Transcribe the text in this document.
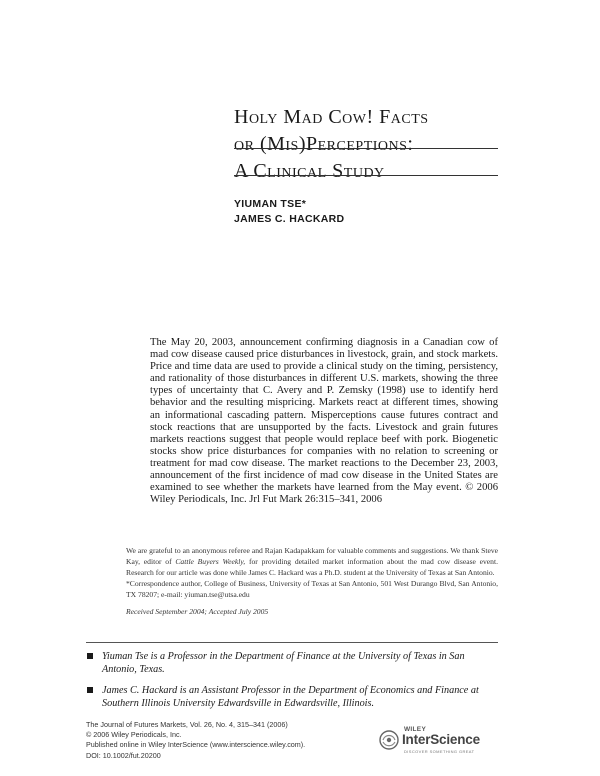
Holy Mad Cow! Facts
or (Mis)Perceptions:
A Clinical Study
YIUMAN TSE*
JAMES C. HACKARD
The May 20, 2003, announcement confirming diagnosis in a Canadian cow of mad cow disease caused price disturbances in livestock, grain, and stock markets. Price and time data are used to provide a clinical study on the timing, persistency, and rationality of those disturbances in different U.S. markets, showing the three types of uncertainty that C. Avery and P. Zemsky (1998) use to identify herd behavior and the resulting mispricing. Markets react at different times, showing an informational cascading pattern. Misperceptions cause futures contract and stock reactions that are unsupported by the facts. Livestock and grain futures markets reactions suggest that people would replace beef with pork. Biogenetic stocks show price disturbances for companies with no relation to screening or treatment for mad cow disease. The market reactions to the December 23, 2003, announcement of the first incidence of mad cow disease in the United States are examined to see whether the markets have learned from the May event. © 2006 Wiley Periodicals, Inc. Jrl Fut Mark 26:315–341, 2006

We are grateful to an anonymous referee and Rajan Kadapakkam for valuable comments and suggestions. We thank Steve Kay, editor of Cattle Buyers Weekly, for providing detailed market information about the mad cow disease event. Research for our article was done while James C. Hackard was a Ph.D. student at the University of Texas at San Antonio.

*Correspondence author, College of Business, University of Texas at San Antonio, 501 West Durango Blvd, San Antonio, TX 78207; e-mail: yiuman.tse@utsa.edu

Received September 2004; Accepted July 2005

Yiuman Tse is a Professor in the Department of Finance at the University of Texas in San Antonio, Texas.
James C. Hackard is an Assistant Professor in the Department of Economics and Finance at Southern Illinois University Edwardsville in Edwardsville, Illinois.
The Journal of Futures Markets, Vol. 26, No. 4, 315–341 (2006)
© 2006 Wiley Periodicals, Inc.
Published online in Wiley InterScience (www.interscience.wiley.com).
DOI: 10.1002/fut.20200
WILEY
InterScience
DISCOVER SOMETHING GREAT
